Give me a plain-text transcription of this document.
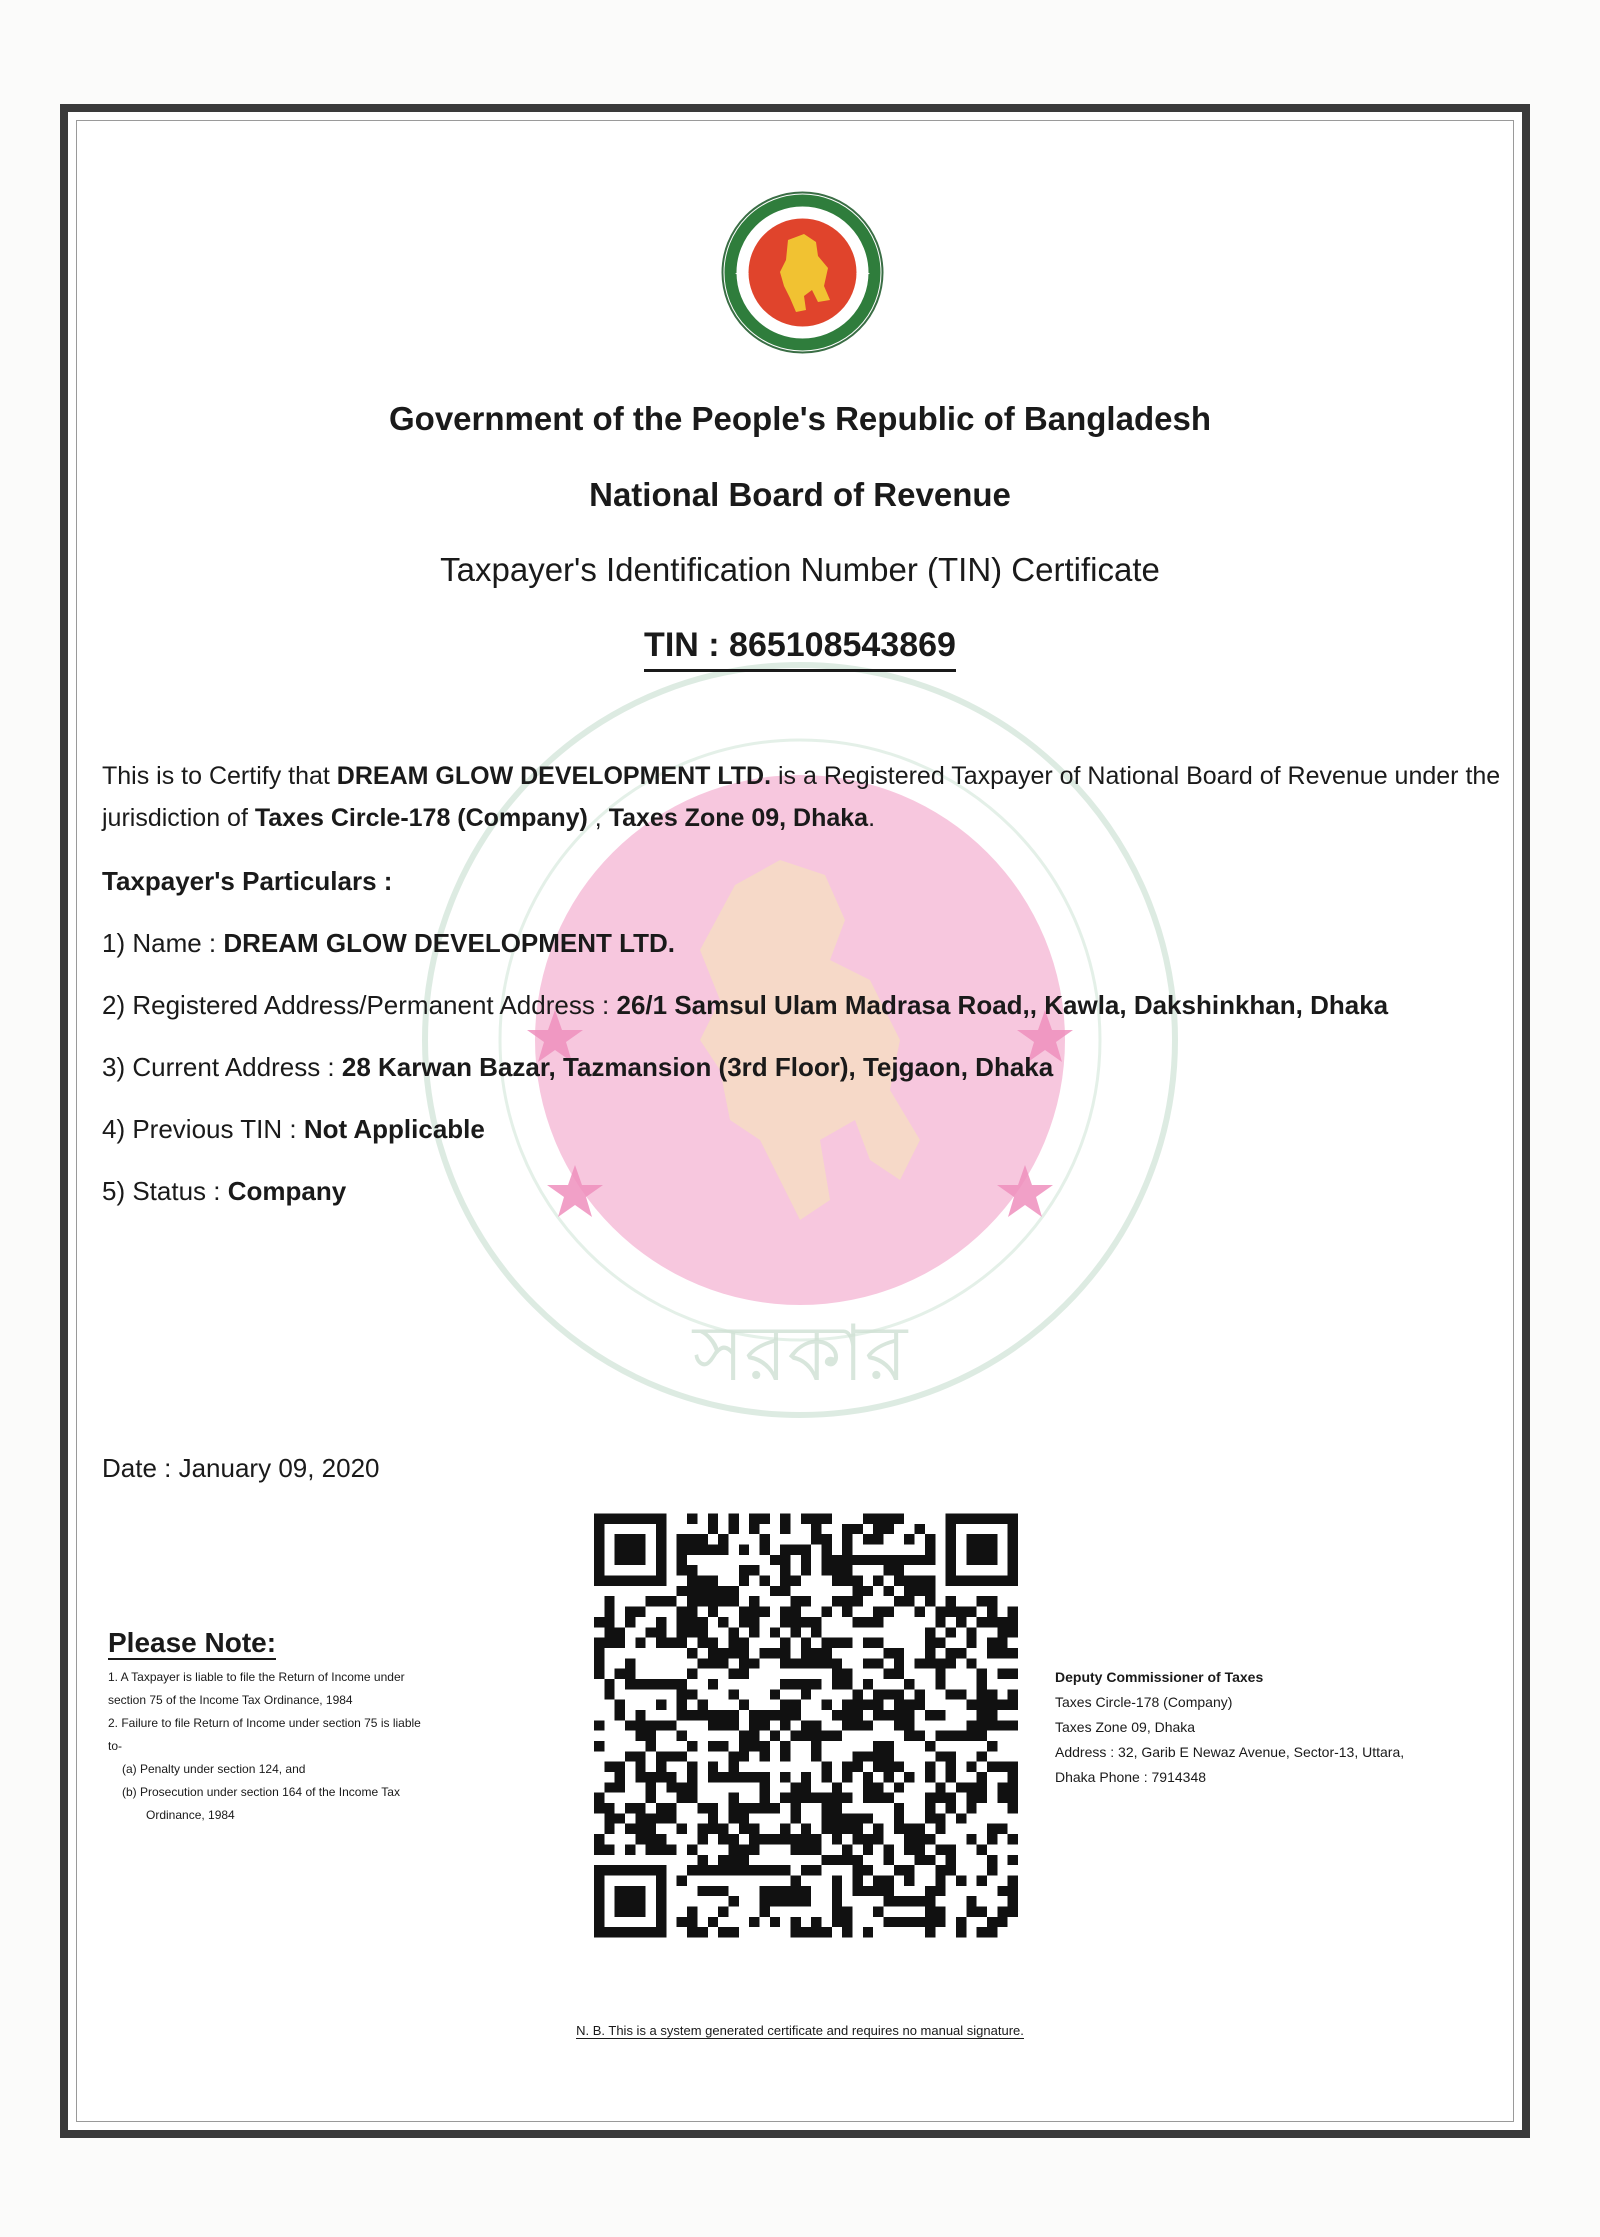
সরকার
Government of the People's Republic of Bangladesh
National Board of Revenue
Taxpayer's Identification Number (TIN) Certificate
TIN : 865108543869
This is to Certify that DREAM GLOW DEVELOPMENT LTD. is a Registered Taxpayer of National Board of Revenue under the jurisdiction of Taxes Circle-178 (Company) , Taxes Zone 09, Dhaka.
Taxpayer's Particulars :
1) Name : DREAM GLOW DEVELOPMENT LTD.
2) Registered Address/Permanent Address : 26/1 Samsul Ulam Madrasa Road,, Kawla, Dakshinkhan, Dhaka
3) Current Address : 28 Karwan Bazar, Tazmansion (3rd Floor), Tejgaon, Dhaka
4) Previous TIN : Not Applicable
5) Status : Company
Date : January 09, 2020
Please Note:
1. A Taxpayer is liable to file the Return of Income under
section 75 of the Income Tax Ordinance, 1984
2. Failure to file Return of Income under section 75 is liable
to-
(a) Penalty under section 124, and
(b) Prosecution under section 164 of the Income Tax
Ordinance, 1984
Deputy Commissioner of Taxes
Taxes Circle-178 (Company)
Taxes Zone 09, Dhaka
Address : 32, Garib E Newaz Avenue, Sector-13, Uttara,
Dhaka Phone : 7914348
N. B. This is a system generated certificate and requires no manual signature.
